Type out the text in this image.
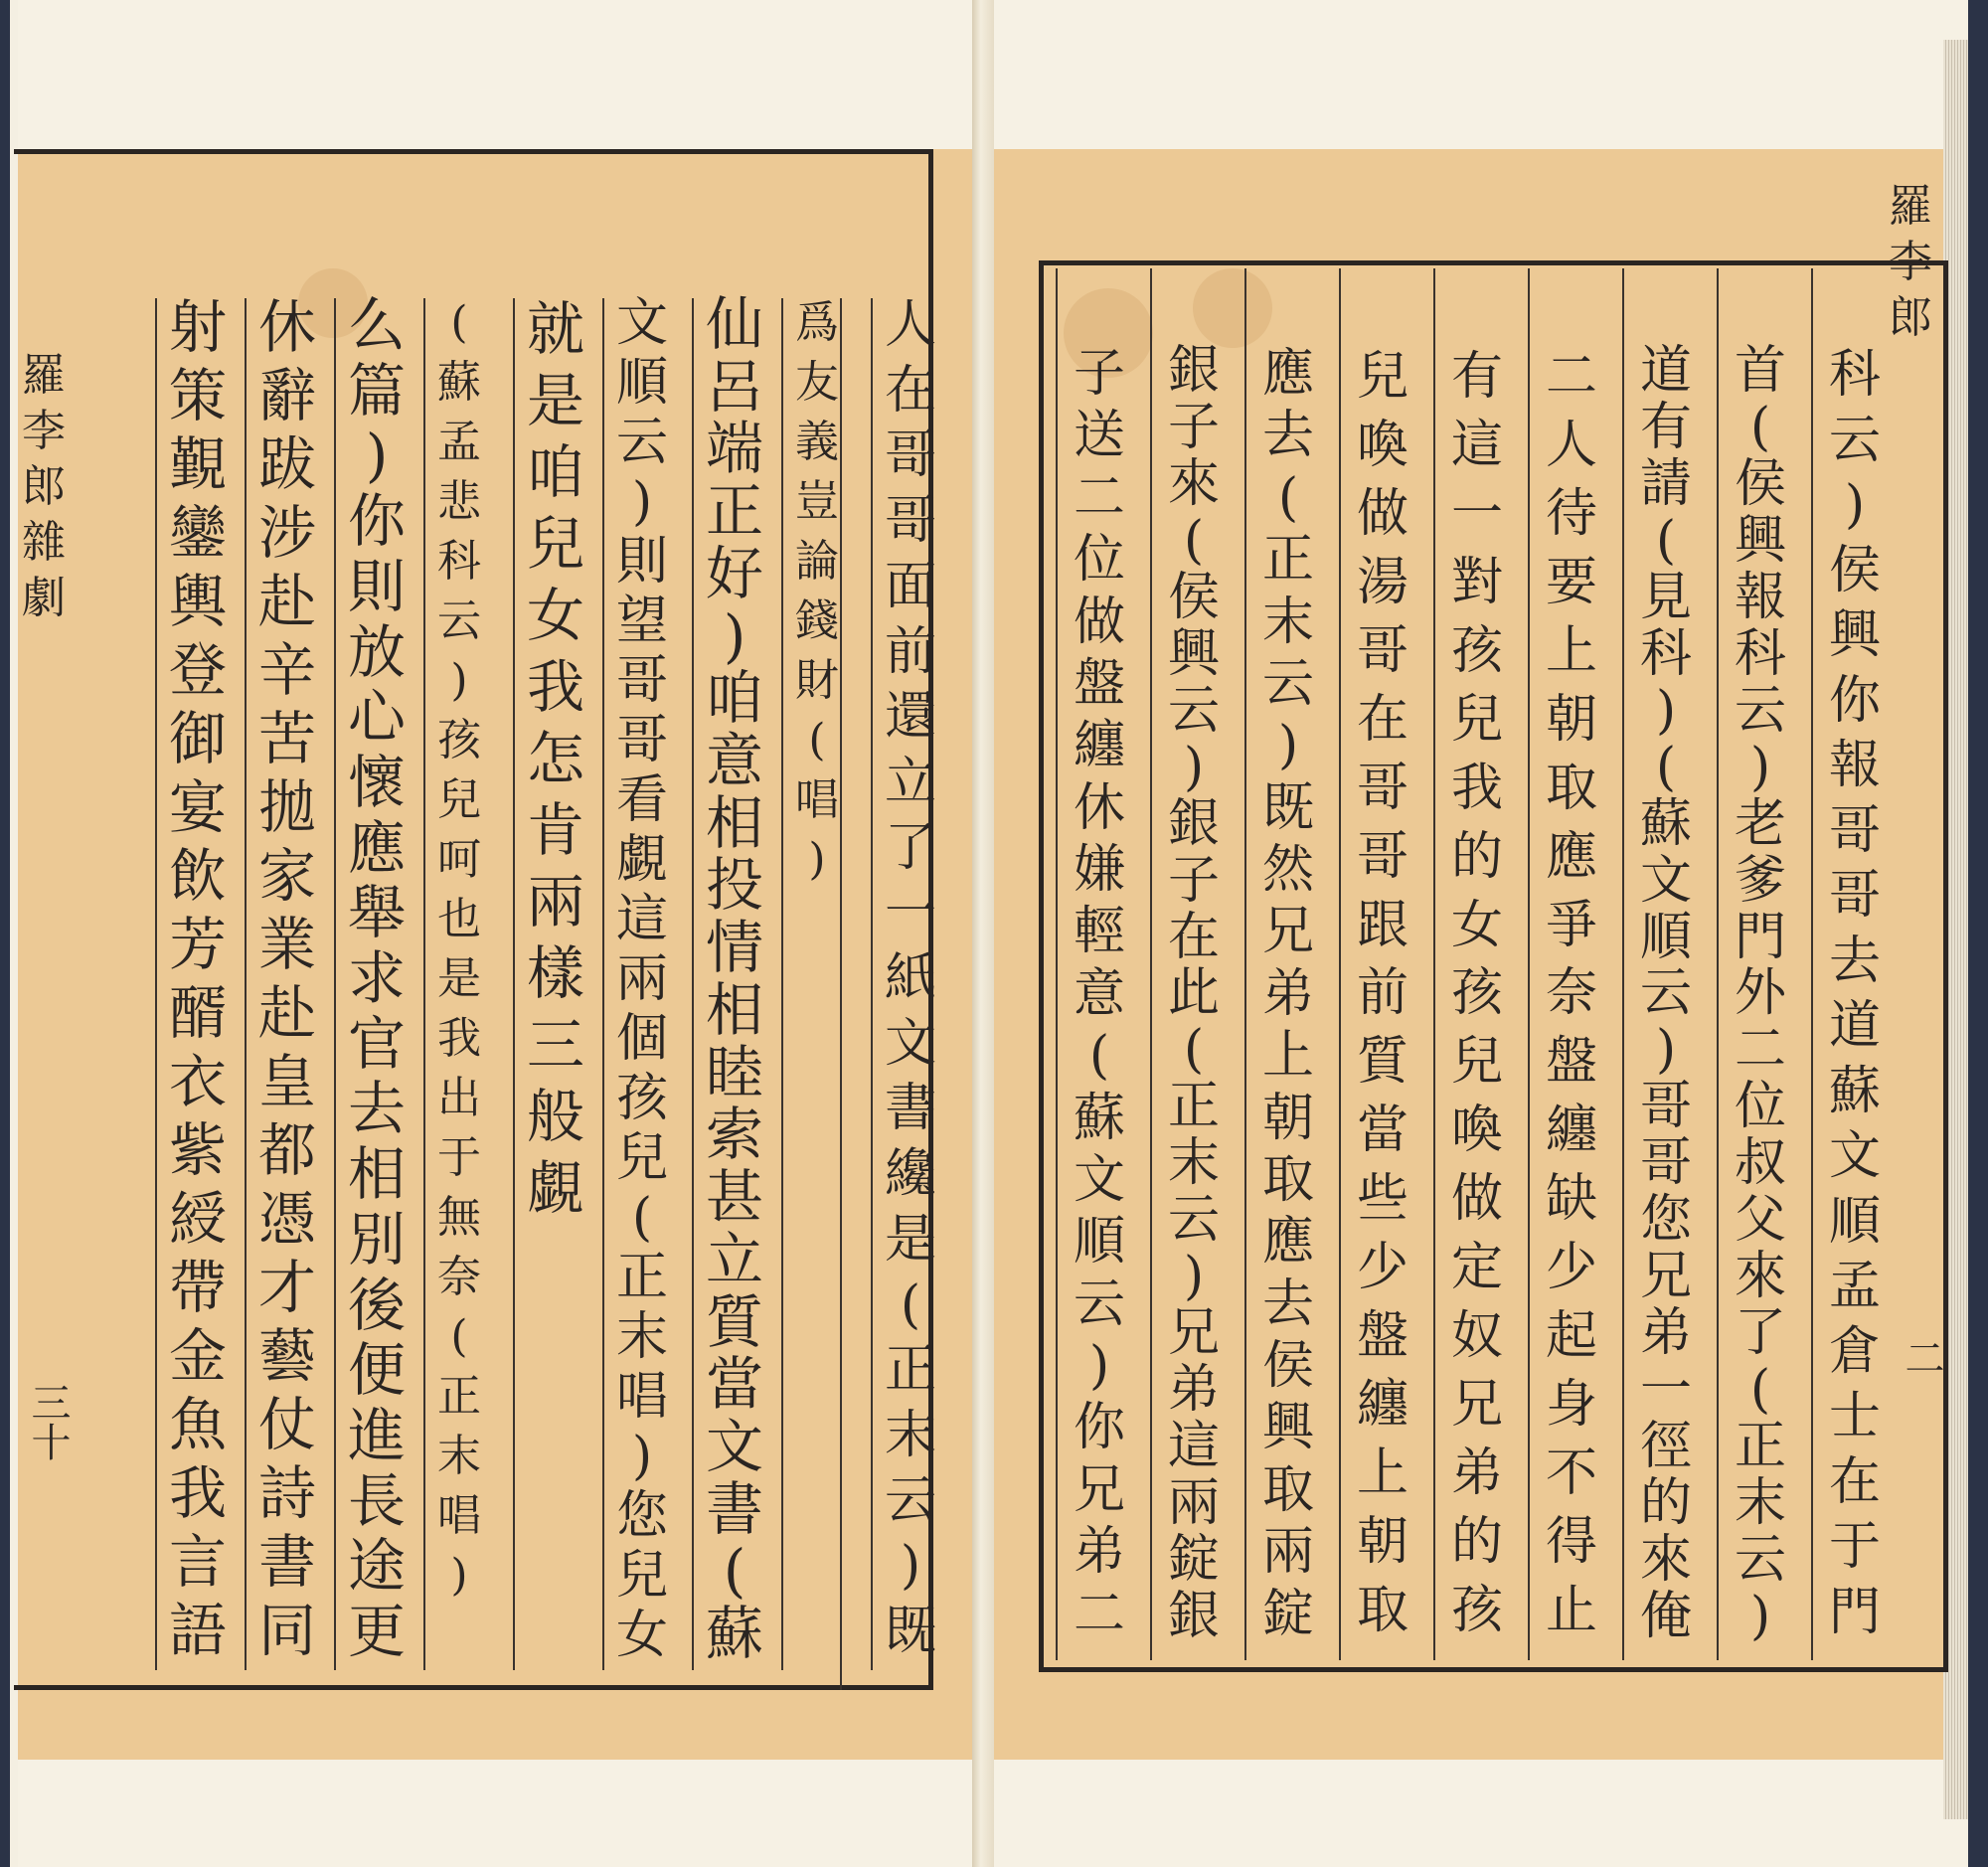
人
在
哥
哥
面
前
還
立
了
一
紙
文
書
纔
是
(
正
末
云
)
既
爲
友
義
豈
論
錢
財
(
唱
)
仙
呂
端
正
好
)
咱
意
相
投
情
相
睦
索
甚
立
質
當
文
書
(
蘇
文
順
云
)
則
望
哥
哥
看
覷
這
兩
個
孩
兒
(
正
末
唱
)
您
兒
女
就
是
咱
兒
女
我
怎
肯
兩
樣
三
般
覷
(
蘇
孟
悲
科
云
)
孩
兒
呵
也
是
我
出
于
無
奈
(
正
末
唱
)
么
篇
)
你
則
放
心
懷
應
舉
求
官
去
相
別
後
便
進
長
途
更
休
辭
跋
涉
赴
辛
苦
拋
家
業
赴
皇
都
憑
才
藝
仗
詩
書
同
射
策
覲
鑾
輿
登
御
宴
飲
芳
醑
衣
紫
綬
帶
金
魚
我
言
語
科
云
)
侯
興
你
報
哥
哥
去
道
蘇
文
順
孟
倉
士
在
于
門
首
(
侯
興
報
科
云
)
老
爹
門
外
二
位
叔
父
來
了
(
正
末
云
)
道
有
請
(
見
科
)
(
蘇
文
順
云
)
哥
哥
您
兄
弟
一
徑
的
來
俺
二
人
待
要
上
朝
取
應
爭
奈
盤
纏
缺
少
起
身
不
得
止
有
這
一
對
孩
兒
我
的
女
孩
兒
喚
做
定
奴
兄
弟
的
孩
兒
喚
做
湯
哥
在
哥
哥
跟
前
質
當
些
少
盤
纏
上
朝
取
應
去
(
正
末
云
)
既
然
兄
弟
上
朝
取
應
去
侯
興
取
兩
錠
銀
子
來
(
侯
興
云
)
銀
子
在
此
(
正
末
云
)
兄
弟
這
兩
錠
銀
子
送
二
位
做
盤
纏
休
嫌
輕
意
(
蘇
文
順
云
)
你
兄
弟
二
羅
李
郎
雜
劇
三十
羅
李
郎
二
